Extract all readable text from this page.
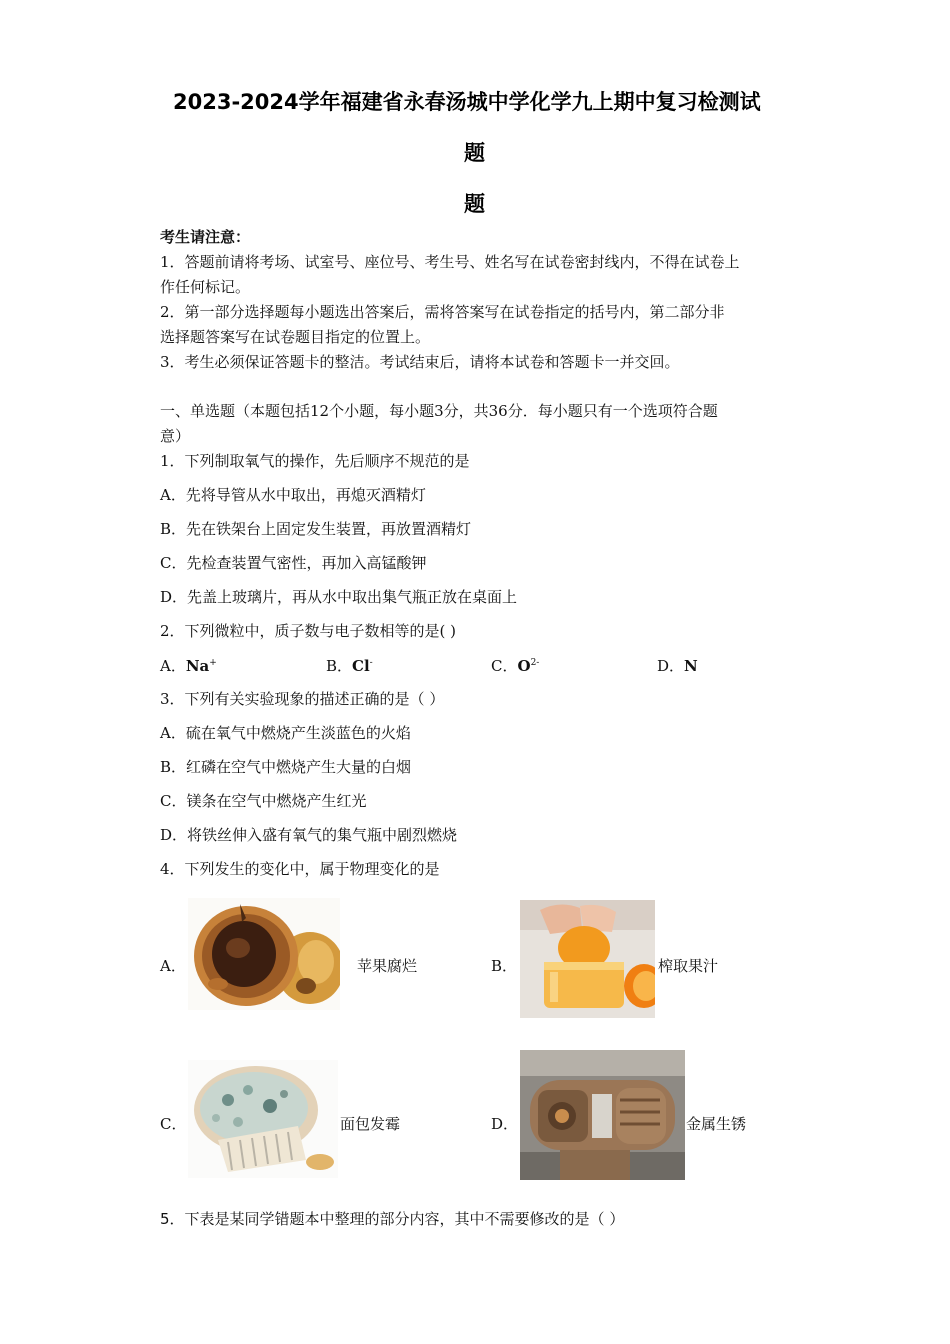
2023-2024学年福建省永春汤城中学化学九上期中复习检测试
题
题
考生请注意：
1．答题前请将考场、试室号、座位号、考生号、姓名写在试卷密封线内，不得在试卷上
作任何标记。
2．第一部分选择题每小题选出答案后，需将答案写在试卷指定的括号内，第二部分非
选择题答案写在试卷题目指定的位置上。
3．考生必须保证答题卡的整洁。考试结束后，请将本试卷和答题卡一并交回。
一、单选题（本题包括12个小题，每小题3分，共36分．每小题只有一个选项符合题
意）
1．下列制取氧气的操作，先后顺序不规范的是
A．先将导管从水中取出，再熄灭酒精灯
B．先在铁架台上固定发生装置，再放置酒精灯
C．先检查装置气密性，再加入高锰酸钾
D．先盖上玻璃片，再从水中取出集气瓶正放在桌面上
2．下列微粒中，质子数与电子数相等的是( )
A．Na+	B．Cl-	C．$O^{2-}$	D．N
3．下列有关实验现象的描述正确的是（ ）
A．硫在氧气中燃烧产生淡蓝色的火焰
B．红磷在空气中燃烧产生大量的白烟
C．镁条在空气中燃烧产生红光
D．将铁丝伸入盛有氧气的集气瓶中剧烈燃烧
4．下列发生的变化中，属于物理变化的是
A．	苹果腐烂	B．	榨取果汁
C．	面包发霉	D．	金属生锈
5．下表是某同学错题本中整理的部分内容，其中不需要修改的是（ ）
